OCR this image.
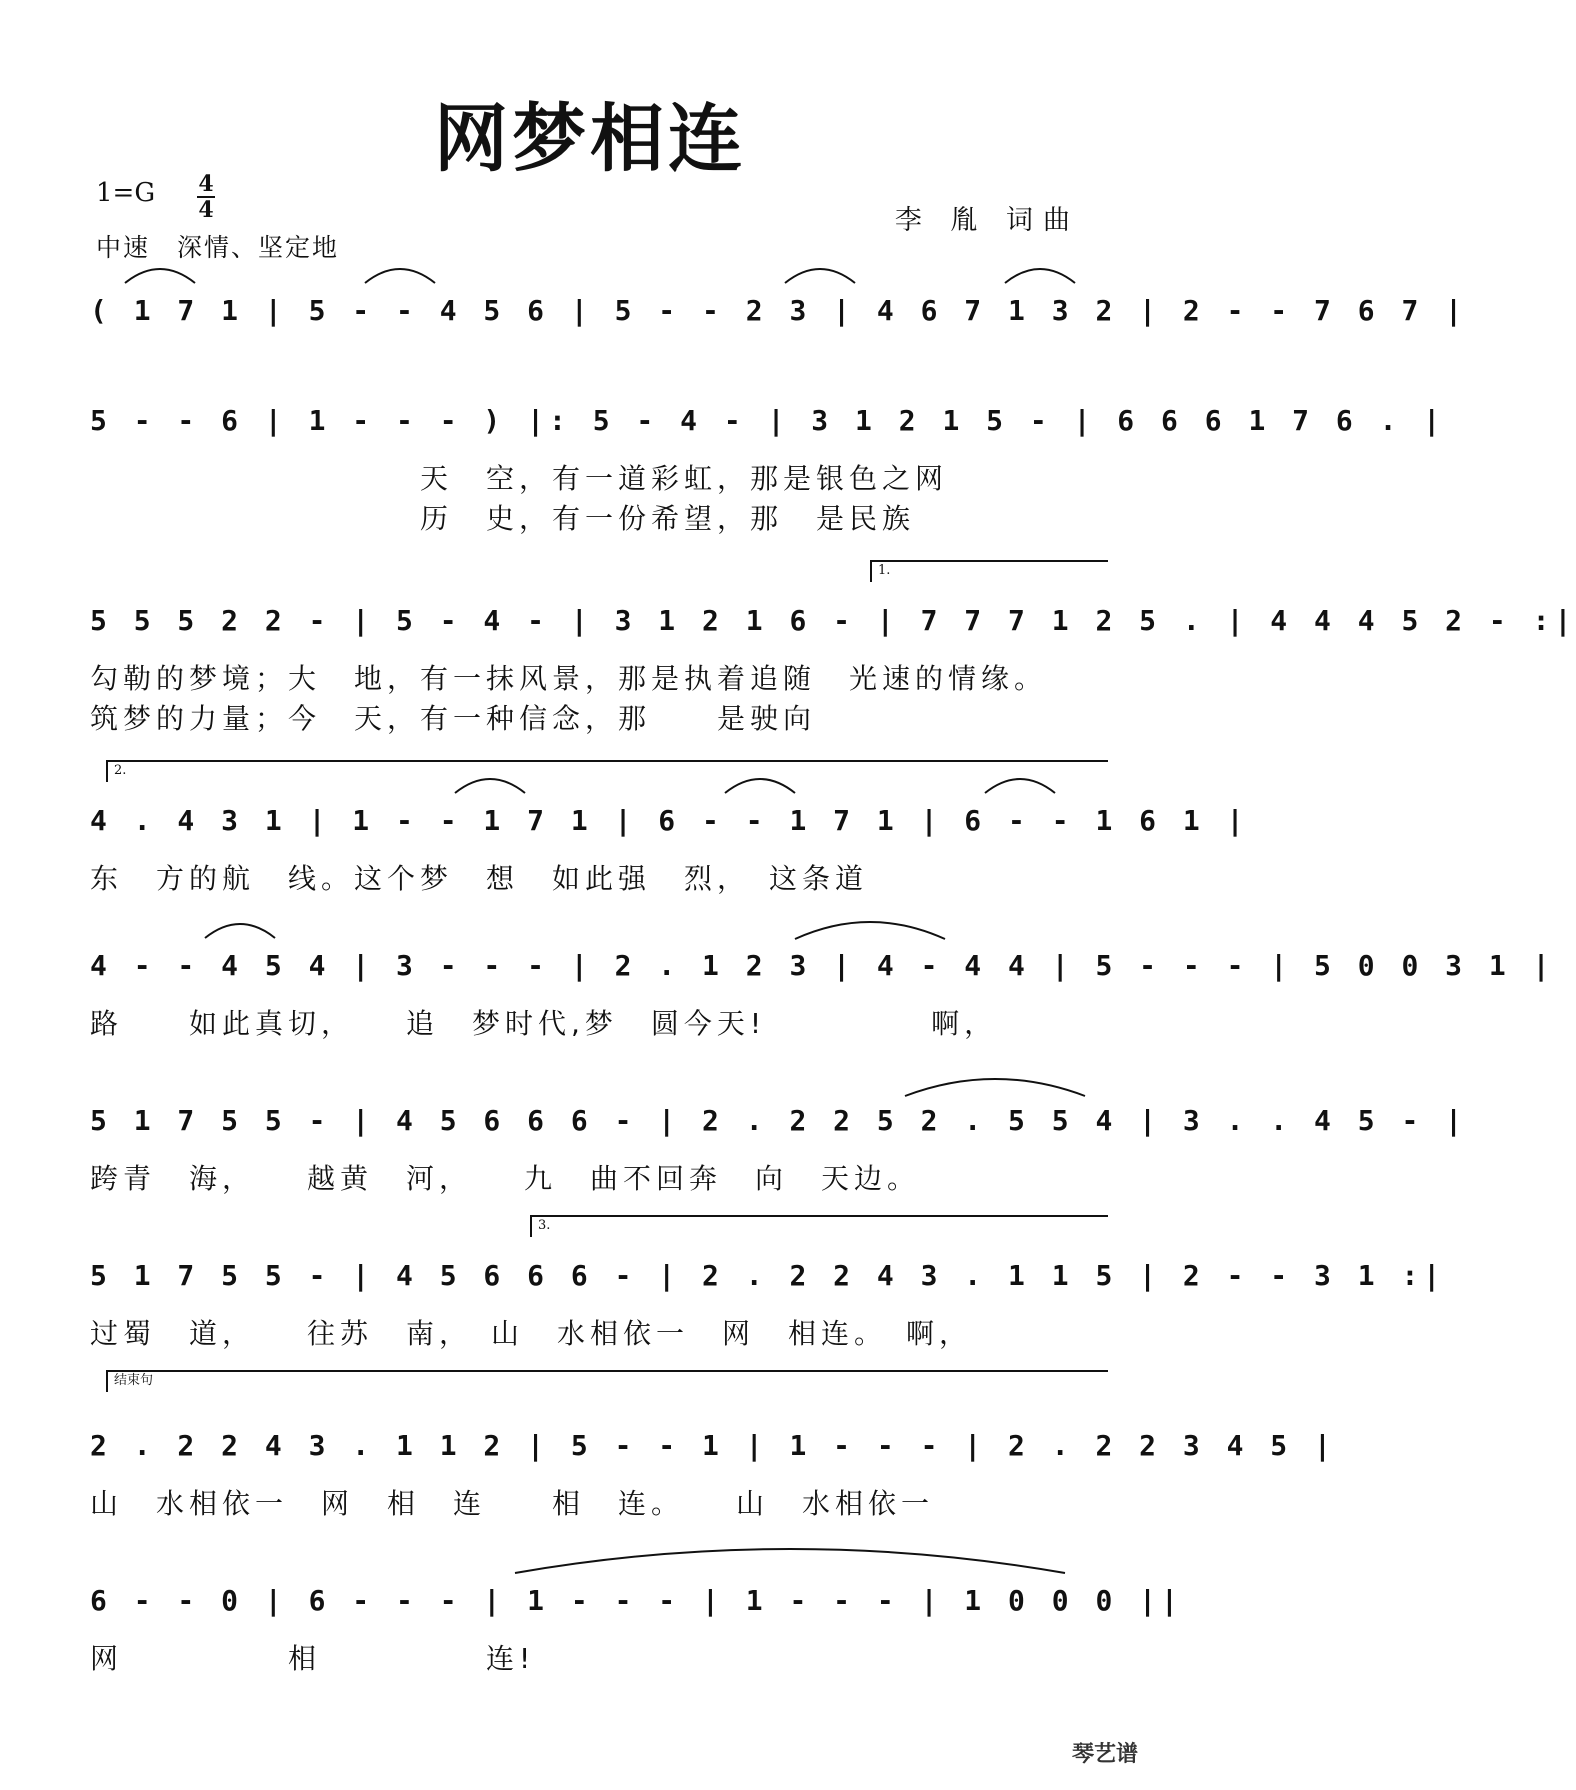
网梦相连
1=G 4
4
中速　深情、坚定地
李 胤 词曲
( 1 7 1 | 5 - - 4 5 6 | 5 - - 2 3 | 4 6 7 1 3 2 | 2 - - 7 6 7 |
5 - - 6 | 1 - - - ) |: 5 - 4 - | 3 1 2 1 5 - | 6 6 6 1 7 6 . |
　　　　　　　　　　天　空，有一道彩虹，那是银色之网
　　　　　　　　　　历　史，有一份希望，那　是民族
1.
5 5 5 2 2 - | 5 - 4 - | 3 1 2 1 6 - | 7 7 7 1 2 5 . | 4 4 4 5 2 - :|
勾勒的梦境；大　地，有一抹风景，那是执着追随　光速的情缘。
筑梦的力量；今　天，有一种信念，那　　是驶向
2.
4 . 4 3 1 | 1 - - 1 7 1 | 6 - - 1 7 1 | 6 - - 1 6 1 |
东　方的航　线。这个梦　想　如此强　烈，　这条道
4 - - 4 5 4 | 3 - - - | 2 . 1 2 3 | 4 - 4 4 | 5 - - - | 5 0 0 3 1 |
路　　如此真切，　　追　梦时代,梦　圆今天!　　　　　啊，
5 1 7 5 5 - | 4 5 6 6 6 - | 2 . 2 2 5 2 . 5 5 4 | 3 . . 4 5 - |
跨青　海，　　越黄　河，　　九　曲不回奔　向　天边。
3.
5 1 7 5 5 - | 4 5 6 6 6 - | 2 . 2 2 4 3 . 1 1 5 | 2 - - 3 1 :|
过蜀　道，　　往苏　南，　山　水相依一　网　相连。　啊，
结束句
2 . 2 2 4 3 . 1 1 2 | 5 - - 1 | 1 - - - | 2 . 2 2 3 4 5 |
山　水相依一　网　相　连　　相　连。　　山　水相依一
6 - - 0 | 6 - - - | 1 - - - | 1 - - - | 1 0 0 0 ||
网　　　　　相　　　　　连!
琴艺谱
